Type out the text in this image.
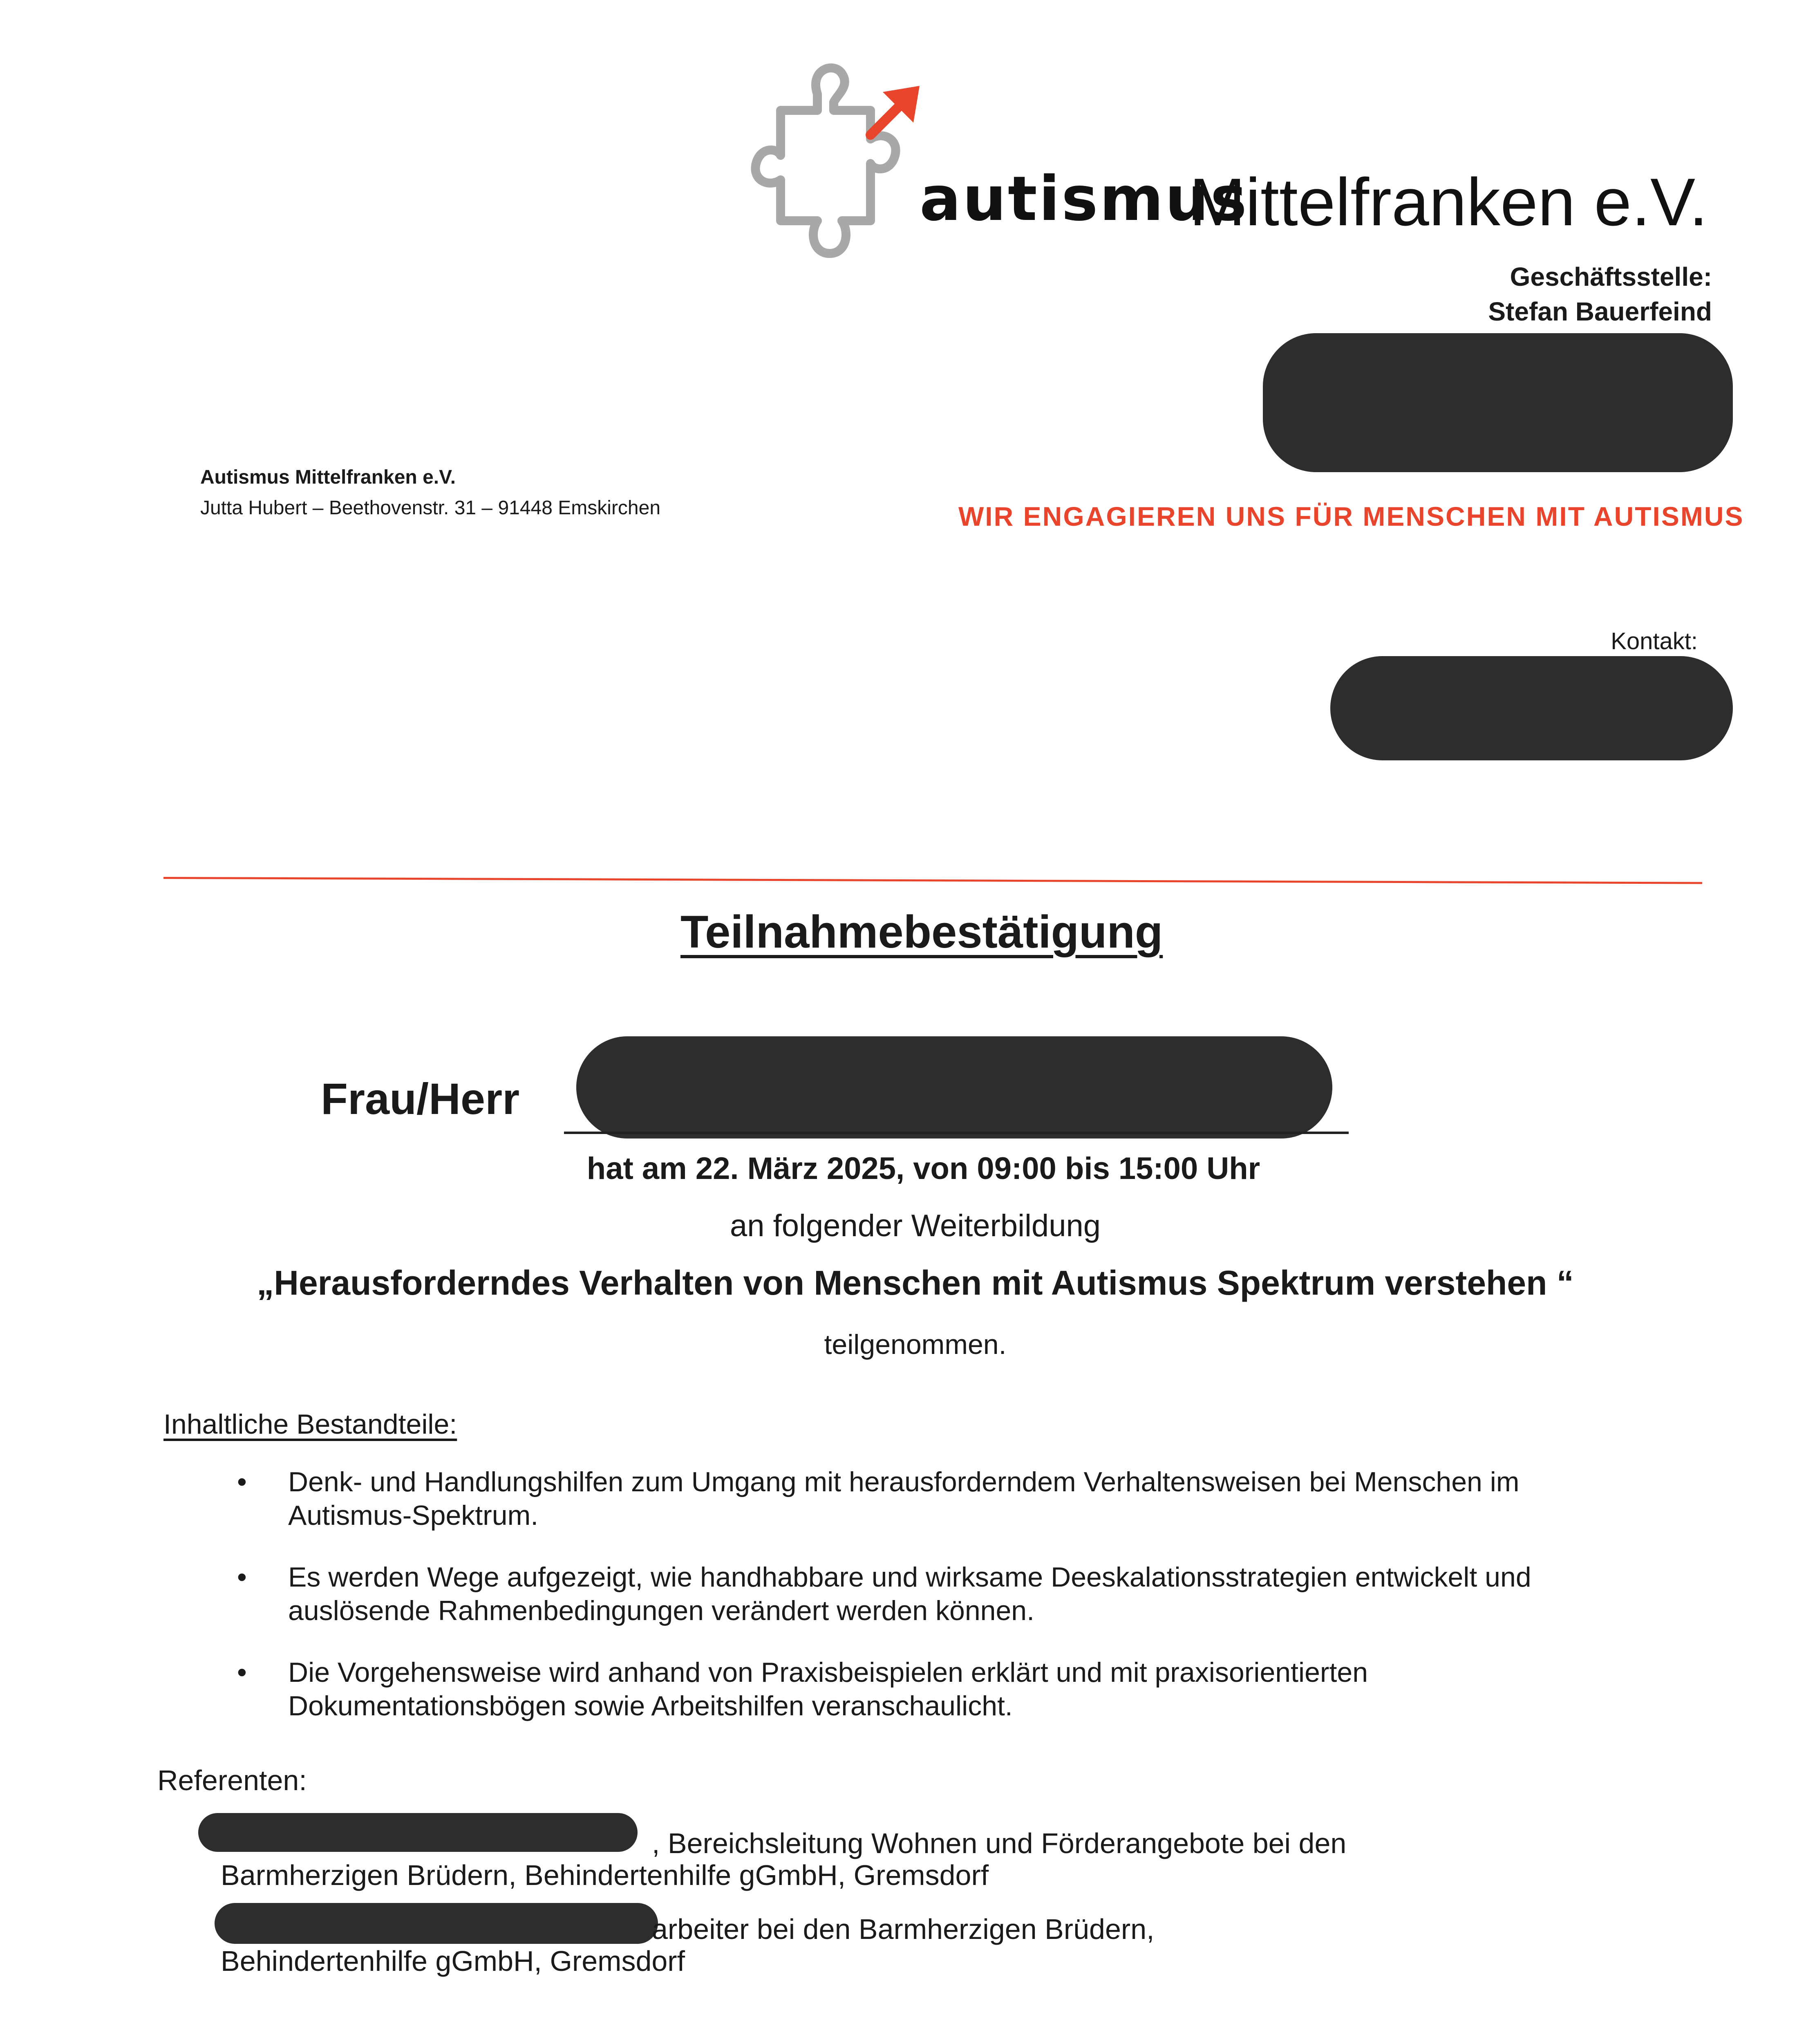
autismus
Mittelfranken e.V.
Geschäftsstelle:
Stefan Bauerfeind
Autismus Mittelfranken e.V.
Jutta Hubert – Beethovenstr. 31 – 91448 Emskirchen	WIR ENGAGIEREN UNS FÜR MENSCHEN MIT AUTISMUS
Kontakt:
Teilnahmebestätigung
Frau/Herr
hat am 22. März 2025, von 09:00 bis 15:00 Uhr
an folgender Weiterbildung
„Herausforderndes Verhalten von Menschen mit Autismus Spektrum verstehen “
teilgenommen.
Inhaltliche Bestandteile:
• Denk- und Handlungshilfen zum Umgang mit herausforderndem Verhaltensweisen bei Menschen im Autismus-Spektrum.
• Es werden Wege aufgezeigt, wie handhabbare und wirksame Deeskalationsstrategien entwickelt und auslösende Rahmenbedingungen verändert werden können.
• Die Vorgehensweise wird anhand von Praxisbeispielen erklärt und mit praxisorientierten Dokumentationsbögen sowie Arbeitshilfen veranschaulicht.
Referenten:
, Bereichsleitung Wohnen und Förderangebote bei den
Barmherzigen Brüdern, Behindertenhilfe gGmbH, Gremsdorf
arbeiter bei den Barmherzigen Brüdern,
Behindertenhilfe gGmbH, Gremsdorf
